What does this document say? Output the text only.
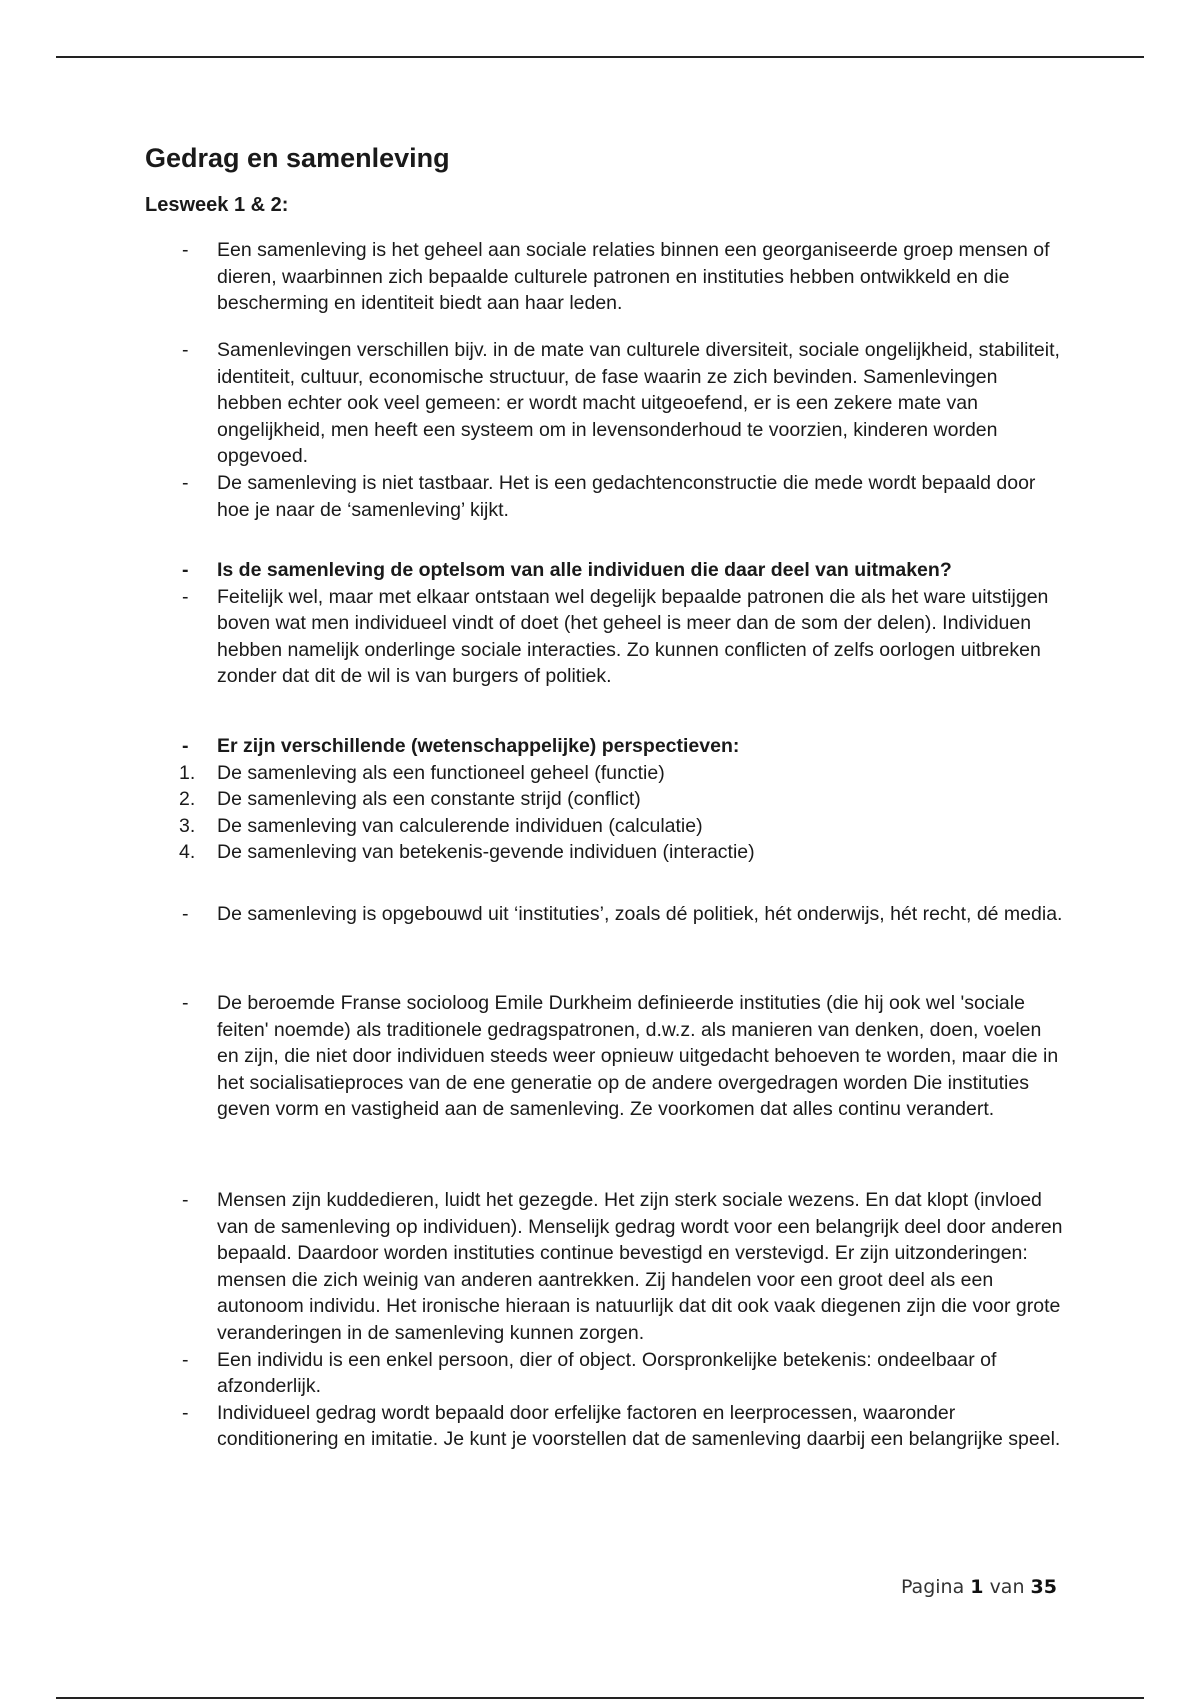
Gedrag en samenleving
Lesweek 1 & 2:
- Een samenleving is het geheel aan sociale relaties binnen een georganiseerde groep mensen of dieren, waarbinnen zich bepaalde culturele patronen en instituties hebben ontwikkeld en die bescherming en identiteit biedt aan haar leden.
- Samenlevingen verschillen bijv. in de mate van culturele diversiteit, sociale ongelijkheid, stabiliteit, identiteit, cultuur, economische structuur, de fase waarin ze zich bevinden. Samenlevingen hebben echter ook veel gemeen: er wordt macht uitgeoefend, er is een zekere mate van ongelijkheid, men heeft een systeem om in levensonderhoud te voorzien, kinderen worden opgevoed.
- De samenleving is niet tastbaar. Het is een gedachtenconstructie die mede wordt bepaald door hoe je naar de ‘samenleving’ kijkt.
- Is de samenleving de optelsom van alle individuen die daar deel van uitmaken?
- Feitelijk wel, maar met elkaar ontstaan wel degelijk bepaalde patronen die als het ware uitstijgen boven wat men individueel vindt of doet (het geheel is meer dan de som der delen). Individuen hebben namelijk onderlinge sociale interacties. Zo kunnen conflicten of zelfs oorlogen uitbreken zonder dat dit de wil is van burgers of politiek.
- Er zijn verschillende (wetenschappelijke) perspectieven:
1. De samenleving als een functioneel geheel (functie)
2. De samenleving als een constante strijd (conflict)
3. De samenleving van calculerende individuen (calculatie)
4. De samenleving van betekenis-gevende individuen (interactie)
- De samenleving is opgebouwd uit ‘instituties’, zoals dé politiek, hét onderwijs, hét recht, dé media.
- De beroemde Franse socioloog Emile Durkheim definieerde instituties (die hij ook wel 'sociale feiten' noemde) als traditionele gedragspatronen, d.w.z. als manieren van denken, doen, voelen en zijn, die niet door individuen steeds weer opnieuw uitgedacht behoeven te worden, maar die in het socialisatieproces van de ene generatie op de andere overgedragen worden Die instituties geven vorm en vastigheid aan de samenleving. Ze voorkomen dat alles continu verandert.
- Mensen zijn kuddedieren, luidt het gezegde. Het zijn sterk sociale wezens. En dat klopt (invloed van de samenleving op individuen). Menselijk gedrag wordt voor een belangrijk deel door anderen bepaald. Daardoor worden instituties continue bevestigd en verstevigd. Er zijn uitzonderingen: mensen die zich weinig van anderen aantrekken. Zij handelen voor een groot deel als een autonoom individu. Het ironische hieraan is natuurlijk dat dit ook vaak diegenen zijn die voor grote veranderingen in de samenleving kunnen zorgen.
- Een individu is een enkel persoon, dier of object. Oorspronkelijke betekenis: ondeelbaar of afzonderlijk.
- Individueel gedrag wordt bepaald door erfelijke factoren en leerprocessen, waaronder conditionering en imitatie. Je kunt je voorstellen dat de samenleving daarbij een belangrijke speel.
Pagina 1 van 35
